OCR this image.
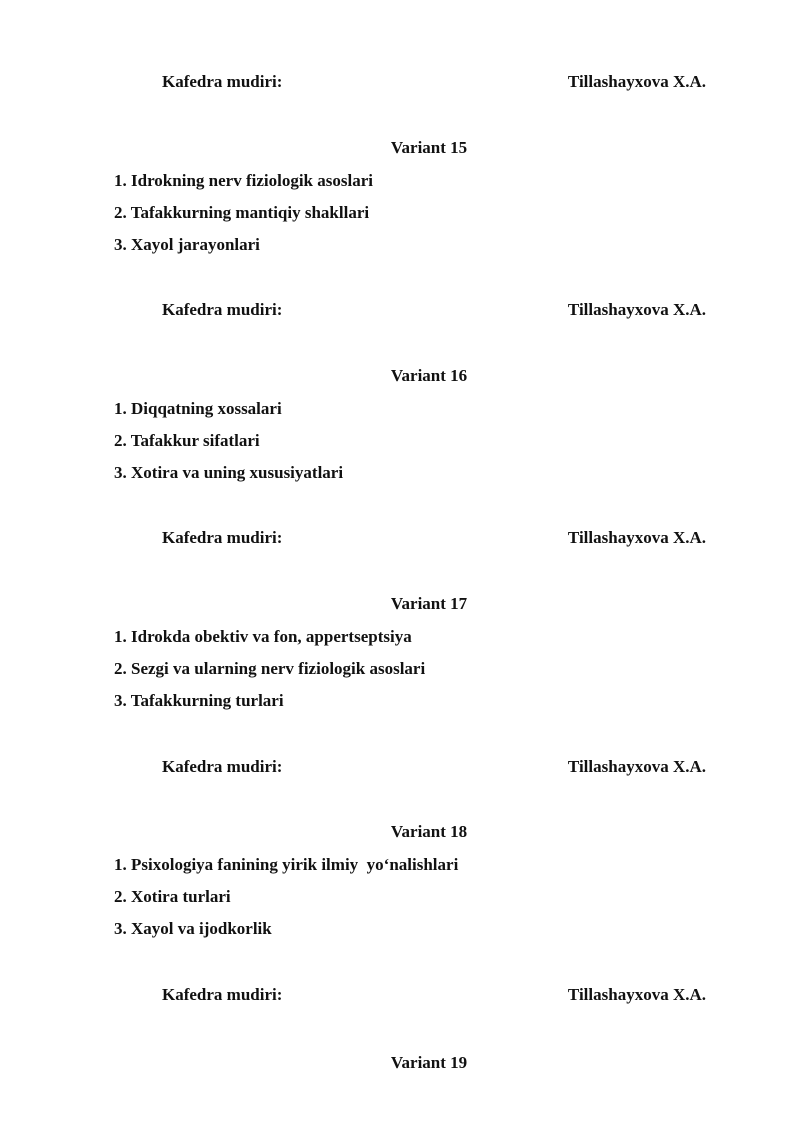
Kafedra mudiri:	Tillashayxova X.A.
Variant 15
1. Idrokning nerv fiziologik asoslari
2. Tafakkurning mantiqiy shakllari
3. Xayol jarayonlari
Kafedra mudiri:	Tillashayxova X.A.
Variant 16
1. Diqqatning xossalari
2. Tafakkur sifatlari
3. Xotira va uning xususiyatlari
Kafedra mudiri:	Tillashayxova X.A.
Variant 17
1. Idrokda obektiv va fon, appertseptsiya
2. Sezgi va ularning nerv fiziologik asoslari
3. Tafakkurning turlari
Kafedra mudiri:	Tillashayxova X.A.
Variant 18
1. Psixologiya fanining yirik ilmiy  yo‘nalishlari
2. Xotira turlari
3. Xayol va ijodkorlik
Kafedra mudiri:	Tillashayxova X.A.
Variant 19
